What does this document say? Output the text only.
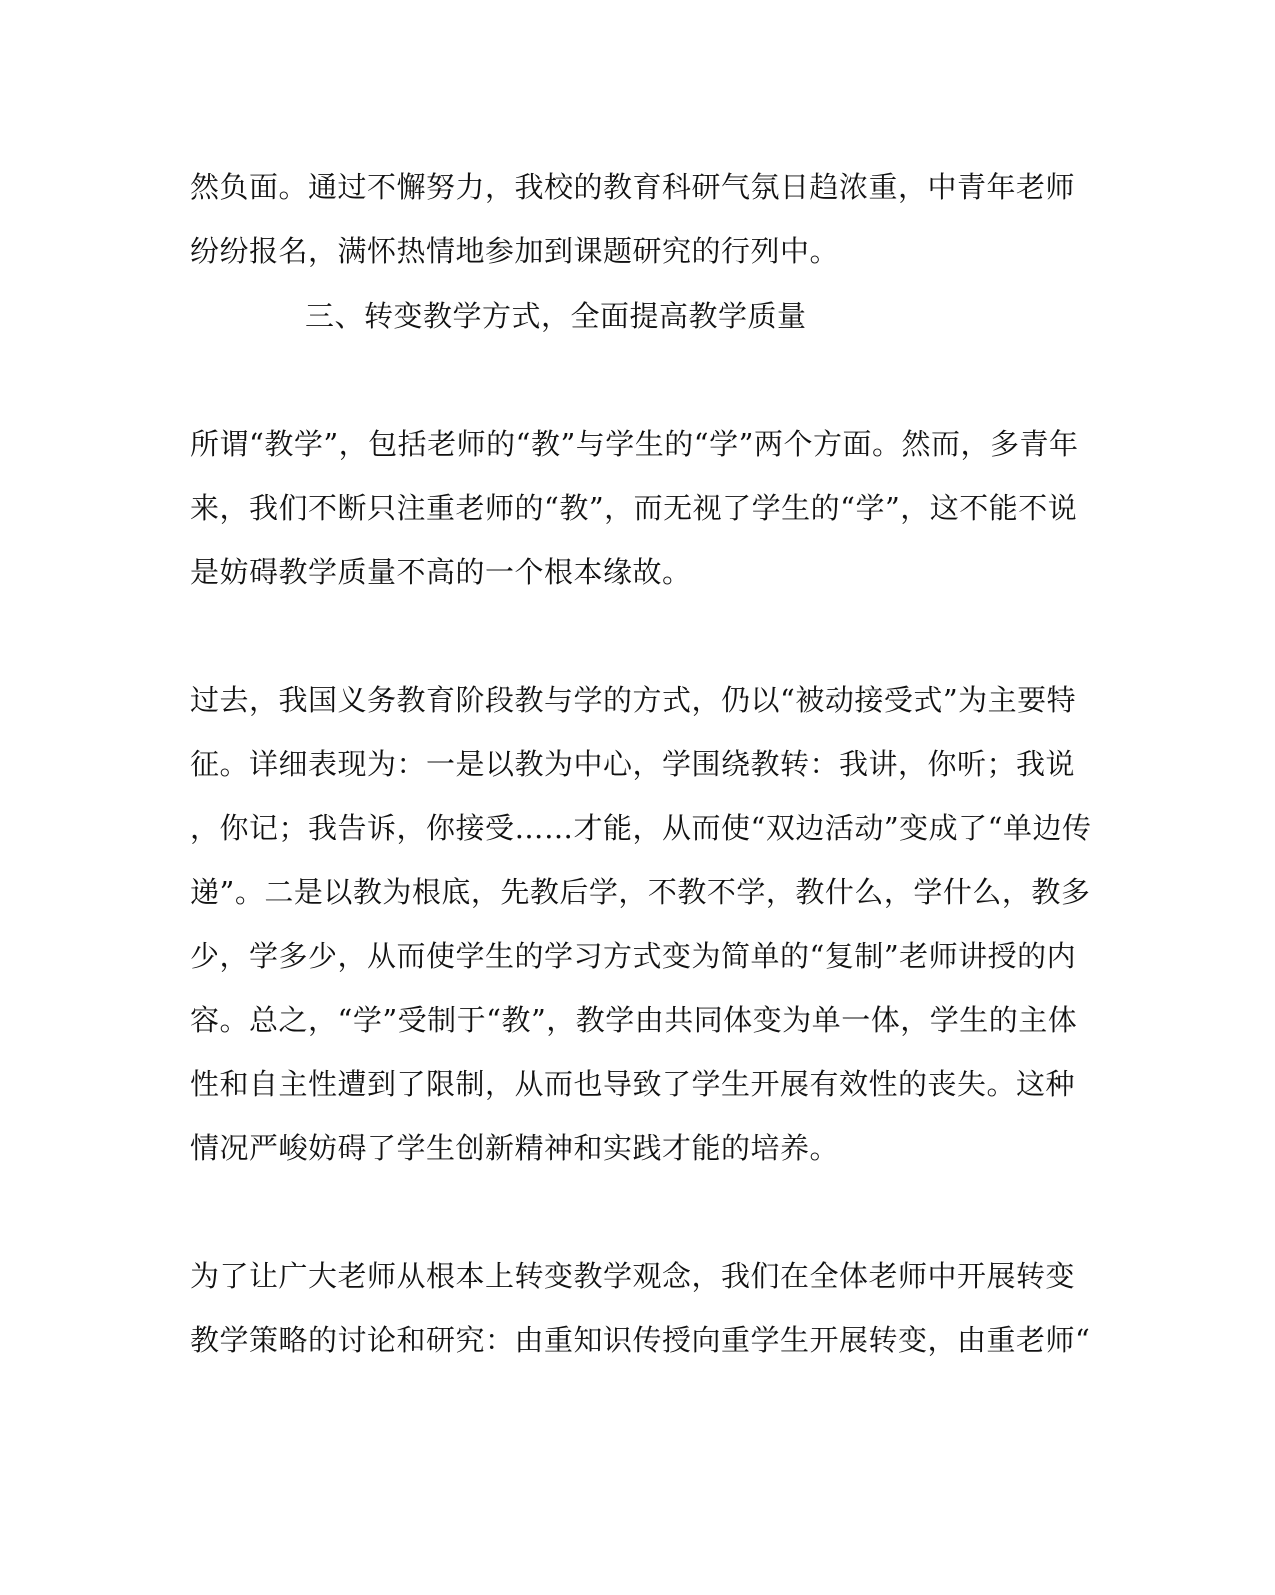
然负面。通过不懈努力，我校的教育科研气氛日趋浓重，中青年老师
纷纷报名，满怀热情地参加到课题研究的行列中。
三、转变教学方式，全面提高教学质量
所谓“教学”，包括老师的“教”与学生的“学”两个方面。然而，多青年
来，我们不断只注重老师的“教”，而无视了学生的“学”，这不能不说
是妨碍教学质量不高的一个根本缘故。
过去，我国义务教育阶段教与学的方式，仍以“被动接受式”为主要特
征。详细表现为：一是以教为中心，学围绕教转：我讲，你听；我说
，你记；我告诉，你接受……才能，从而使“双边活动”变成了“单边传
递”。二是以教为根底，先教后学，不教不学，教什么，学什么，教多
少，学多少，从而使学生的学习方式变为简单的“复制”老师讲授的内
容。总之，“学”受制于“教”，教学由共同体变为单一体，学生的主体
性和自主性遭到了限制，从而也导致了学生开展有效性的丧失。这种
情况严峻妨碍了学生创新精神和实践才能的培养。
为了让广大老师从根本上转变教学观念，我们在全体老师中开展转变
教学策略的讨论和研究：由重知识传授向重学生开展转变，由重老师“
